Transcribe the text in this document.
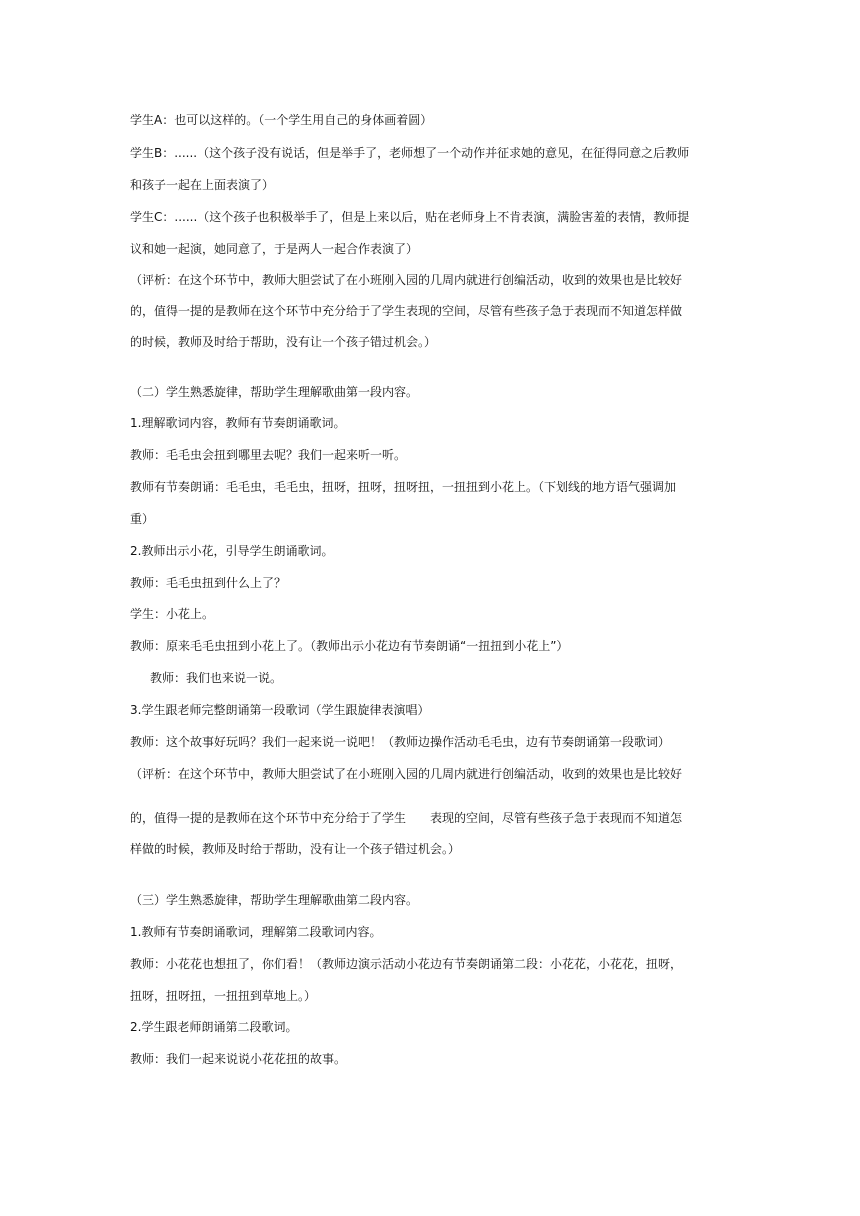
学生A：也可以这样的。（一个学生用自己的身体画着圆）
学生B：......（这个孩子没有说话，但是举手了，老师想了一个动作并征求她的意见，在征得同意之后教师
和孩子一起在上面表演了）
学生C：......（这个孩子也积极举手了，但是上来以后，贴在老师身上不肯表演，满脸害羞的表情，教师提
议和她一起演，她同意了，于是两人一起合作表演了）
（评析：在这个环节中，教师大胆尝试了在小班刚入园的几周内就进行创编活动，收到的效果也是比较好
的，值得一提的是教师在这个环节中充分给于了学生表现的空间，尽管有些孩子急于表现而不知道怎样做
的时候，教师及时给于帮助，没有让一个孩子错过机会。）
（二）学生熟悉旋律，帮助学生理解歌曲第一段内容。
1.理解歌词内容，教师有节奏朗诵歌词。
教师：毛毛虫会扭到哪里去呢？我们一起来听一听。
教师有节奏朗诵：毛毛虫，毛毛虫，扭呀，扭呀，扭呀扭，一扭扭到小花上。（下划线的地方语气强调加
重）
2.教师出示小花，引导学生朗诵歌词。
教师：毛毛虫扭到什么上了？
学生：小花上。
教师：原来毛毛虫扭到小花上了。（教师出示小花边有节奏朗诵“一扭扭到小花上”）
教师：我们也来说一说。
3.学生跟老师完整朗诵第一段歌词（学生跟旋律表演唱）
教师：这个故事好玩吗？我们一起来说一说吧！（教师边操作活动毛毛虫，边有节奏朗诵第一段歌词）
（评析：在这个环节中，教师大胆尝试了在小班刚入园的几周内就进行创编活动，收到的效果也是比较好
的，值得一提的是教师在这个环节中充分给于了学生　　表现的空间，尽管有些孩子急于表现而不知道怎
样做的时候，教师及时给于帮助，没有让一个孩子错过机会。）
（三）学生熟悉旋律，帮助学生理解歌曲第二段内容。
1.教师有节奏朗诵歌词，理解第二段歌词内容。
教师：小花花也想扭了，你们看！（教师边演示活动小花边有节奏朗诵第二段：小花花，小花花，扭呀，
扭呀，扭呀扭，一扭扭到草地上。）
2.学生跟老师朗诵第二段歌词。
教师：我们一起来说说小花花扭的故事。
